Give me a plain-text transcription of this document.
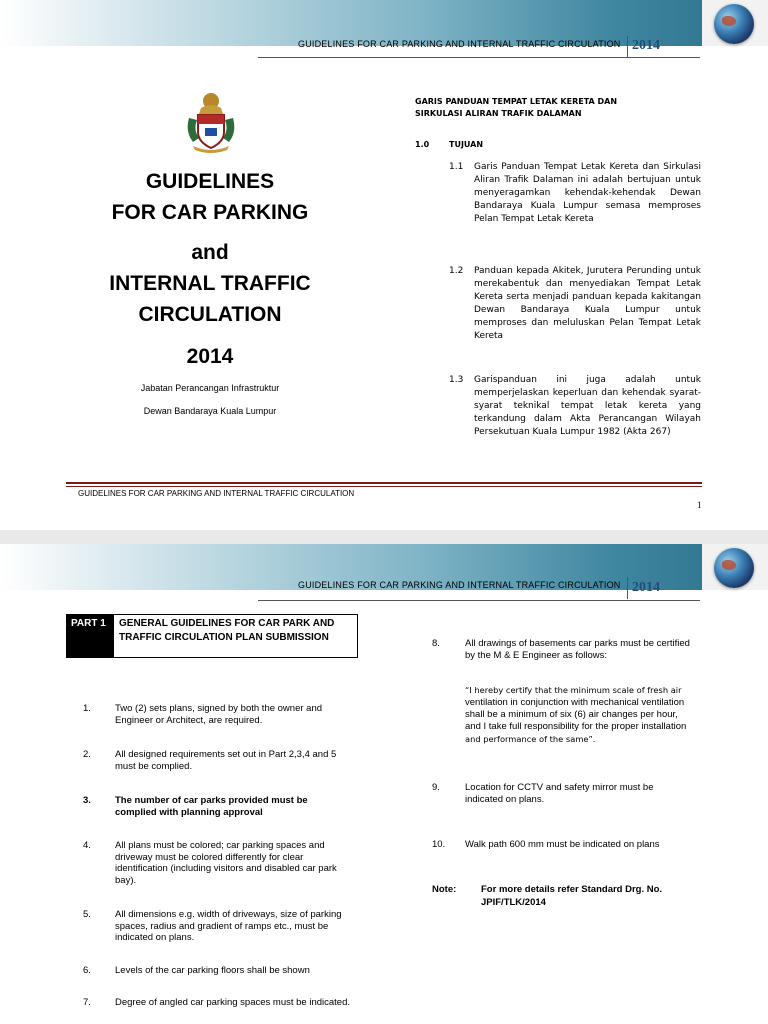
GUIDELINES FOR CAR PARKING AND INTERNAL TRAFFIC CIRCULATION 2014
GUIDELINES
FOR CAR PARKING
and
INTERNAL TRAFFIC
CIRCULATION
2014
Jabatan Perancangan Infrastruktur
Dewan Bandaraya Kuala Lumpur
GARIS PANDUAN TEMPAT LETAK KERETA DAN
SIRKULASI ALIRAN TRAFIK DALAMAN
1.0 TUJUAN
1.1 Garis Panduan Tempat Letak Kereta dan Sirkulasi Aliran Trafik Dalaman ini adalah bertujuan untuk menyeragamkan kehendak-kehendak Dewan Bandaraya Kuala Lumpur semasa memproses Pelan Tempat Letak Kereta
1.2 Panduan kepada Akitek, Jurutera Perunding untuk merekabentuk dan menyediakan Tempat Letak Kereta serta menjadi panduan kepada kakitangan Dewan Bandaraya Kuala Lumpur untuk memproses dan meluluskan Pelan Tempat Letak Kereta
1.3 Garispanduan ini juga adalah untuk memperjelaskan keperluan dan kehendak syarat-syarat teknikal tempat letak kereta yang terkandung dalam Akta Perancangan Wilayah Persekutuan Kuala Lumpur 1982 (Akta 267)
GUIDELINES FOR CAR PARKING AND INTERNAL TRAFFIC CIRCULATION
1
GUIDELINES FOR CAR PARKING AND INTERNAL TRAFFIC CIRCULATION 2014
PART 1	GENERAL GUIDELINES FOR CAR PARK AND
TRAFFIC CIRCULATION PLAN SUBMISSION
1.	Two (2) sets plans, signed by both the owner and Engineer or Architect, are required.
2.	All designed requirements set out in Part 2,3,4 and 5 must be complied.
3.	The number of car parks provided must be complied with planning approval
4.	All plans must be colored; car parking spaces and driveway must be colored differently for clear identification (including visitors and disabled car park bay).
5.	All dimensions e.g. width of driveways, size of parking spaces, radius and gradient of ramps etc., must be indicated on plans.
6.	Levels of the car parking floors shall be shown
7.	Degree of angled car parking spaces must be indicated.
8.	All drawings of basements car parks must be certified by the M & E Engineer as follows:
“I hereby certify that the minimum scale of fresh air
ventilation in conjunction with mechanical ventilation
shall be a minimum of six (6) air changes per hour,
and I take full responsibility for the proper installation
and performance of the same”.
9.	Location for CCTV and safety mirror must be indicated on plans.
10. Walk path 600 mm must be indicated on plans
Note:	For more details refer Standard Drg. No.
JPIF/TLK/2014
